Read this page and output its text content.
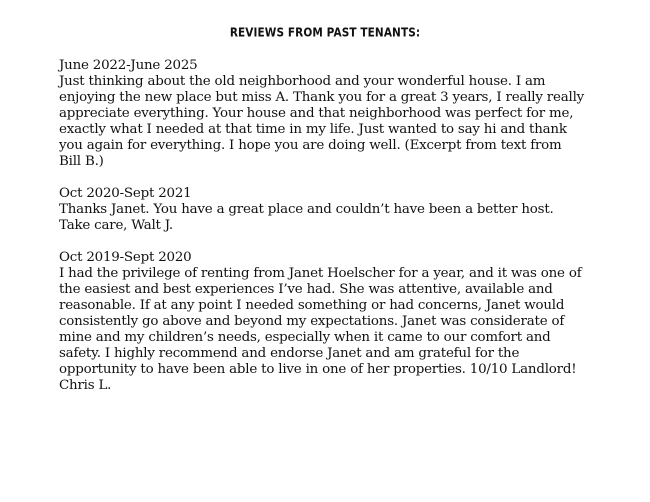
REVIEWS FROM PAST TENANTS:
June 2022-June 2025
Just thinking about the old neighborhood and your wonderful house. I am
enjoying the new place but miss A. Thank you for a great 3 years, I really really
appreciate everything. Your house and that neighborhood was perfect for me,
exactly what I needed at that time in my life. Just wanted to say hi and thank
you again for everything. I hope you are doing well. (Excerpt from text from
Bill B.)
Oct 2020-Sept 2021
Thanks Janet. You have a great place and couldn’t have been a better host.
Take care, Walt J.
Oct 2019-Sept 2020
I had the privilege of renting from Janet Hoelscher for a year, and it was one of
the easiest and best experiences I’ve had. She was attentive, available and
reasonable. If at any point I needed something or had concerns, Janet would
consistently go above and beyond my expectations. Janet was considerate of
mine and my children’s needs, especially when it came to our comfort and
safety. I highly recommend and endorse Janet and am grateful for the
opportunity to have been able to live in one of her properties. 10/10 Landlord!
Chris L.
